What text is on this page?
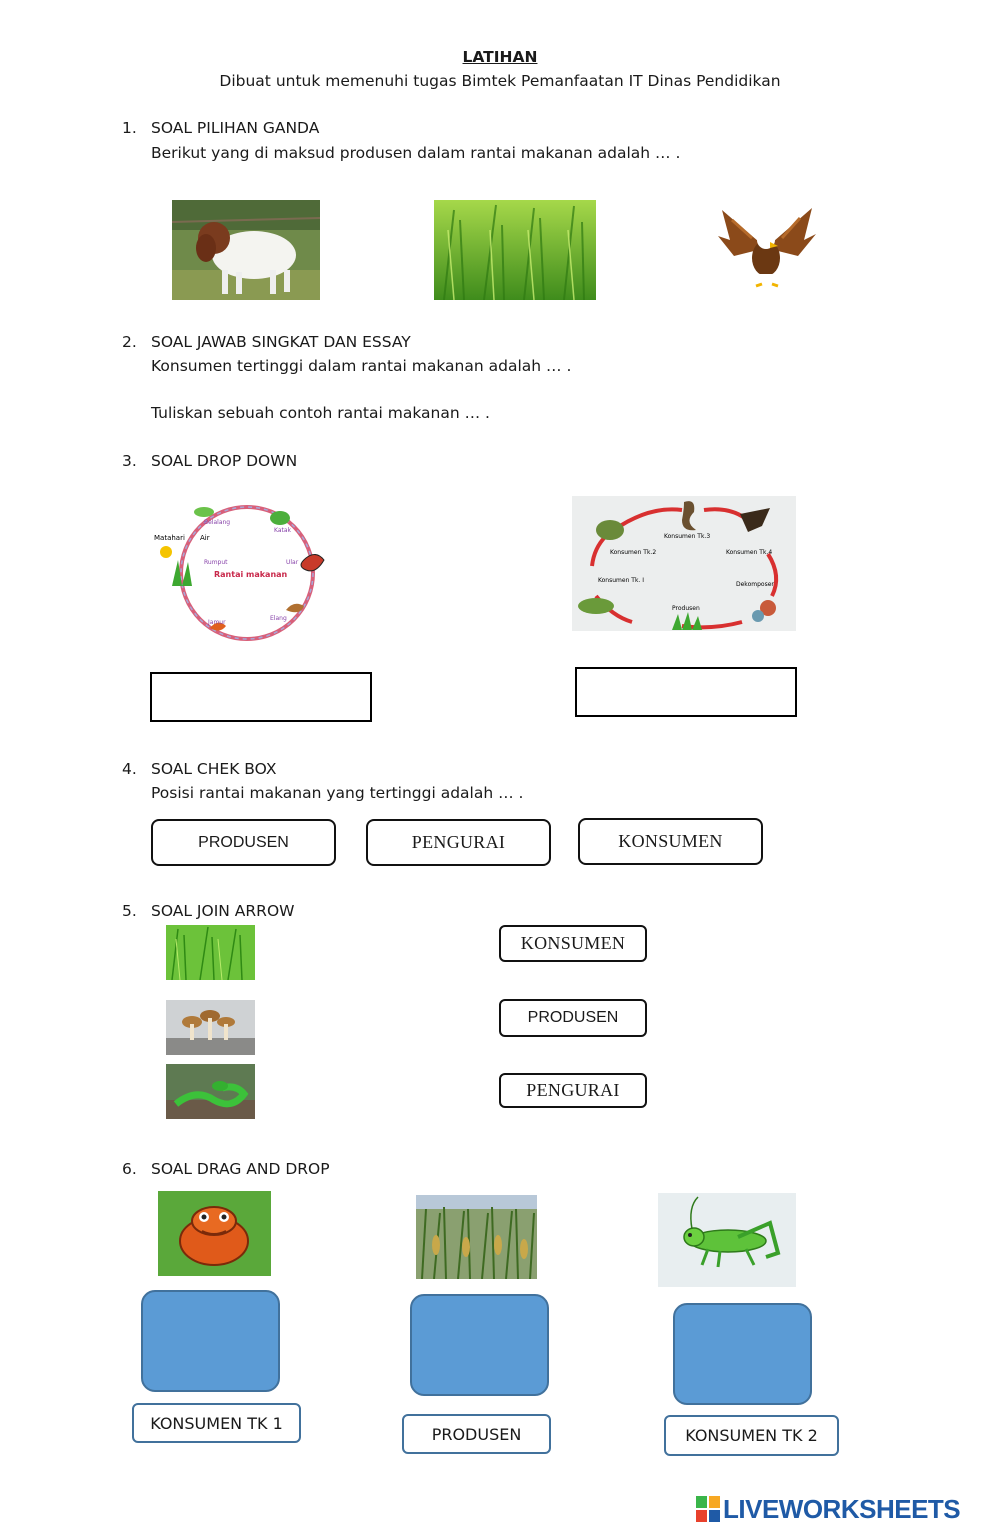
LATIHAN
Dibuat untuk memenuhi tugas Bimtek Pemanfaatan IT Dinas Pendidikan
1. SOAL PILIHAN GANDA
Berikut yang di maksud produsen dalam rantai makanan adalah … .
2. SOAL JAWAB SINGKAT DAN ESSAY
Konsumen tertinggi dalam rantai makanan adalah … .
Tuliskan sebuah contoh rantai makanan … .
3. SOAL DROP DOWN
Matahari Air
Belalang
Katak
Ular
Elang
Jamur
Rumput
Rantai makanan
Konsumen Tk.3
Konsumen Tk.2	Konsumen Tk.4
Konsumen Tk. I
Dekomposer
Produsen
4. SOAL CHEK BOX
Posisi rantai makanan yang tertinggi adalah … .
PRODUSEN	PENGURAI	KONSUMEN
5. SOAL JOIN ARROW
KONSUMEN
PRODUSEN
PENGURAI
6. SOAL DRAG AND DROP
KONSUMEN TK 1
PRODUSEN	KONSUMEN TK 2
LIVEWORKSHEETS
